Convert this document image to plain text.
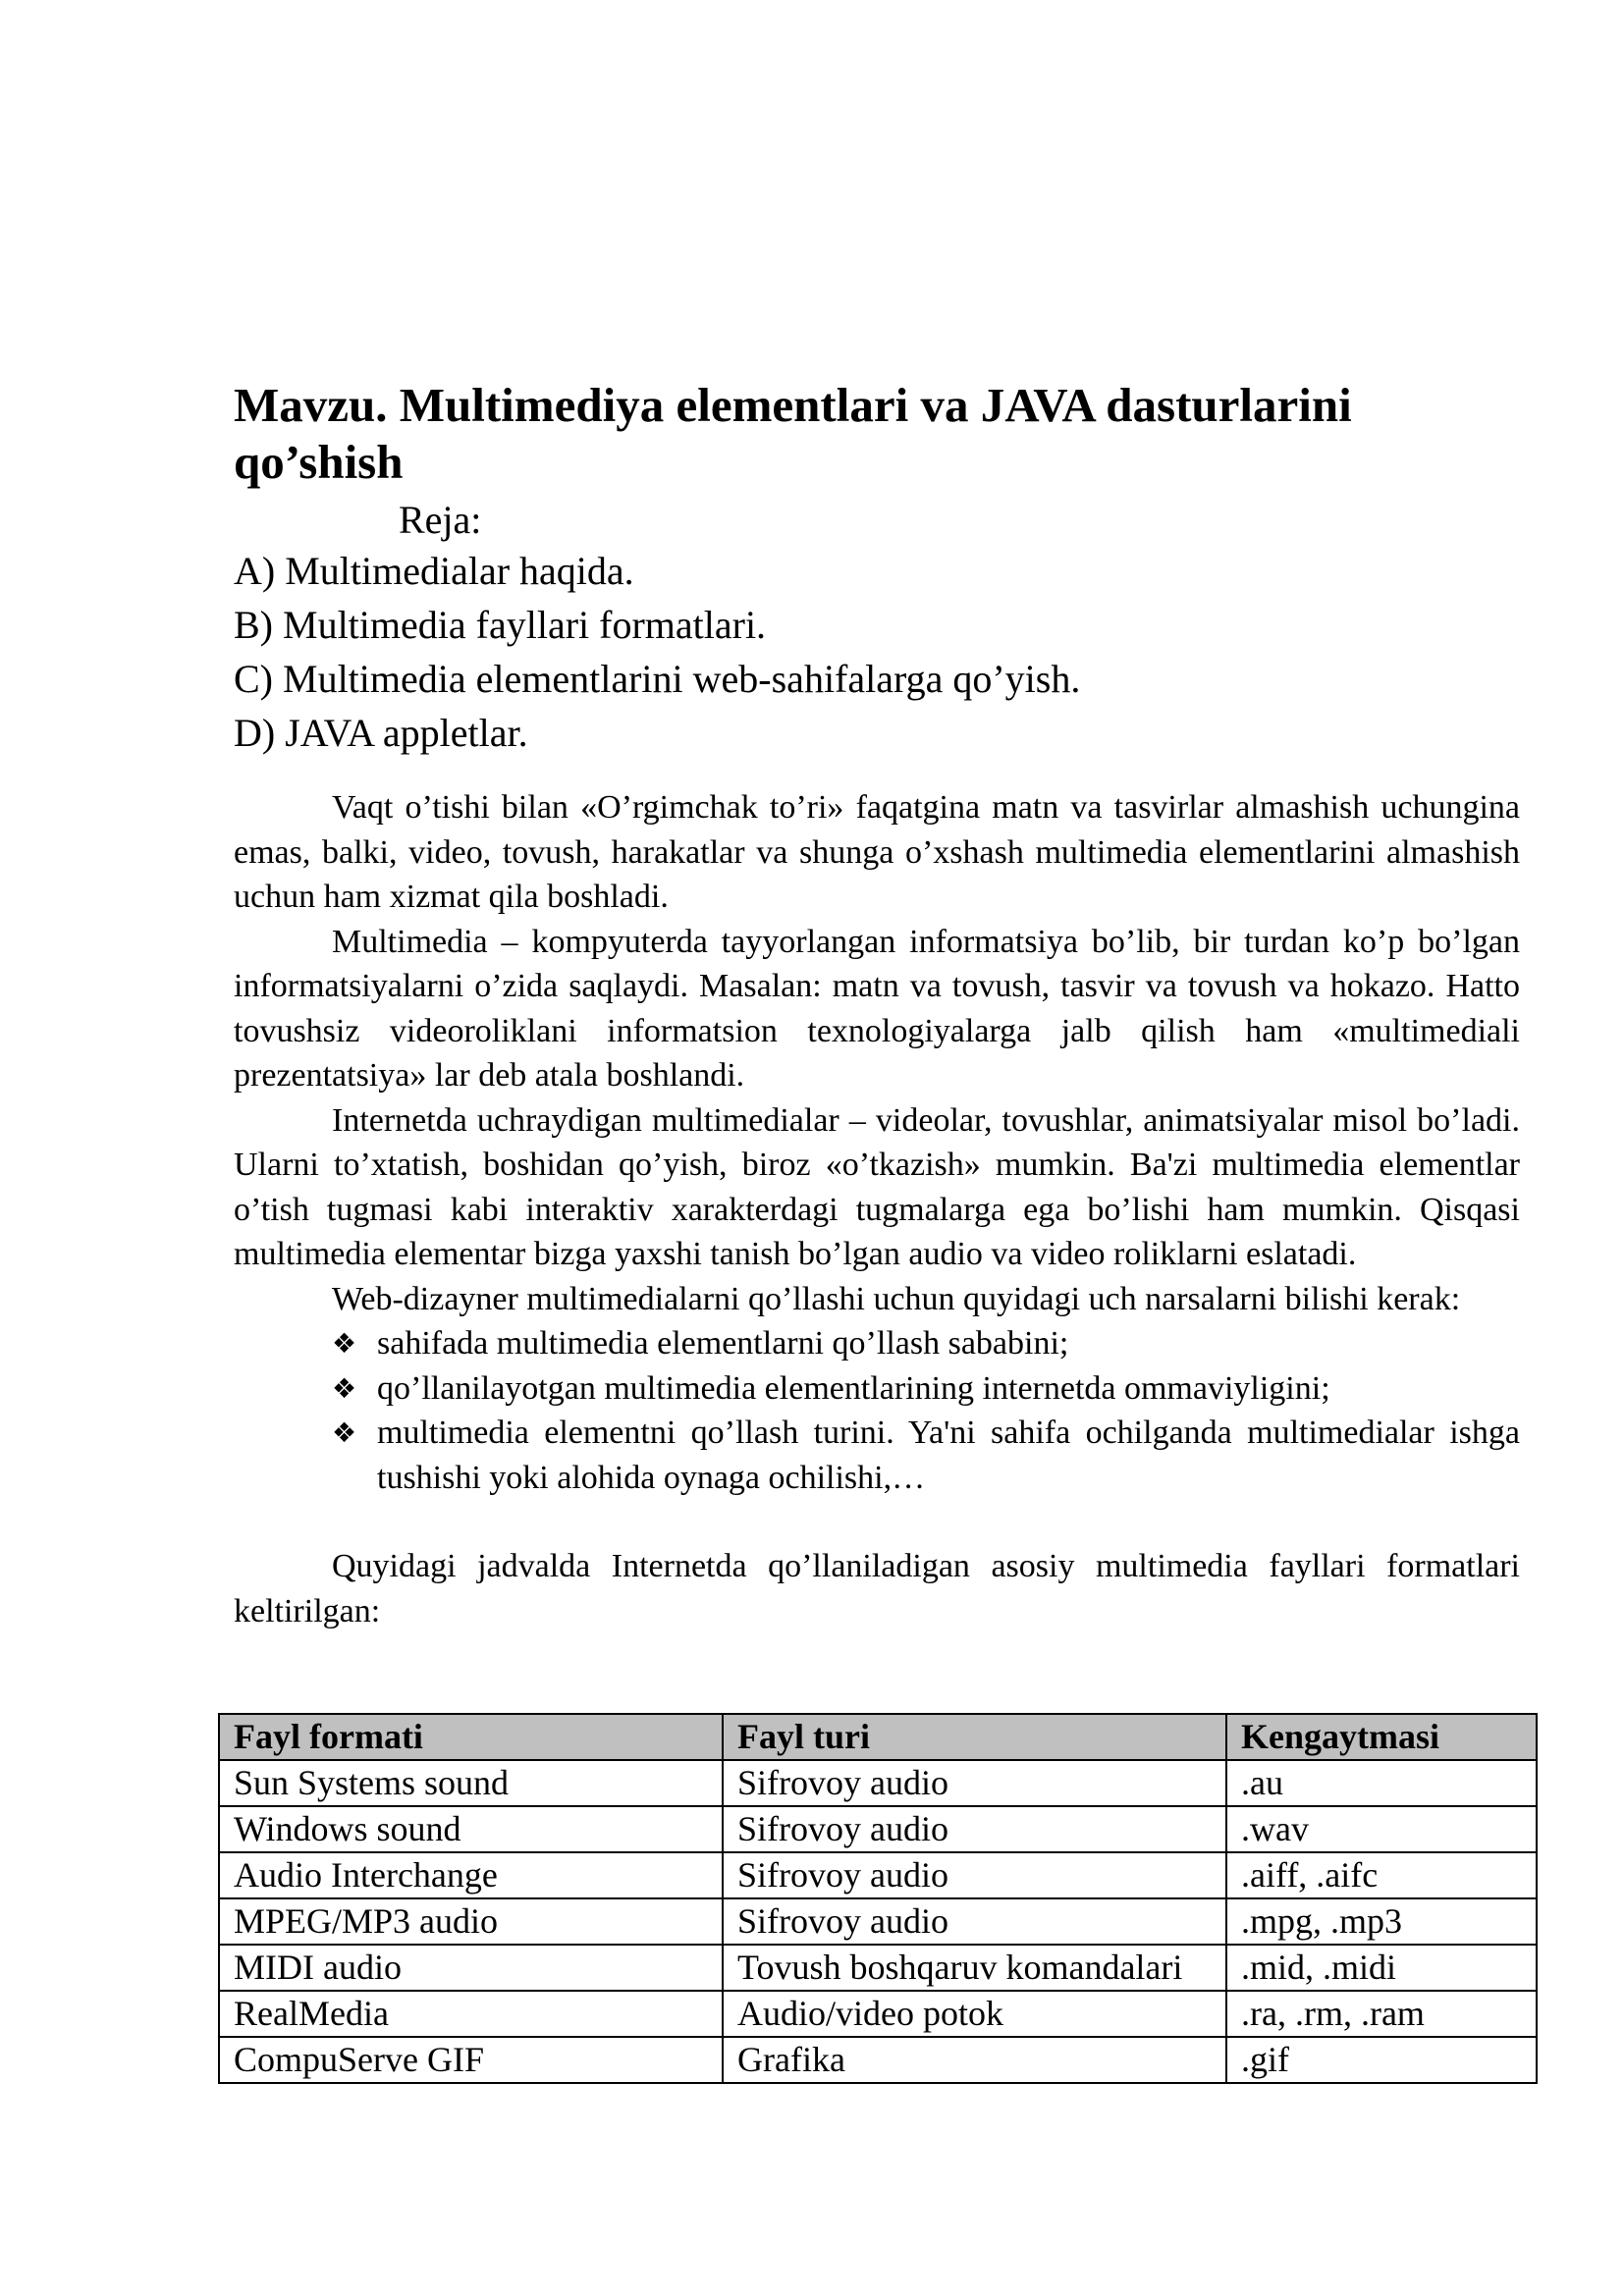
Mavzu. Multimediya elementlari va JAVA dasturlarini qo’shish

Reja:

A) Multimedialar haqida.
B) Multimedia fayllari formatlari.
C) Multimedia elementlarini web-sahifalarga qo’yish.
D) JAVA appletlar.

Vaqt o’tishi bilan «O’rgimchak to’ri» faqatgina matn va tasvirlar almashish uchungina emas, balki, video, tovush, harakatlar va shunga o’xshash multimedia elementlarini almashish uchun ham xizmat qila boshladi.

Multimedia – kompyuterda tayyorlangan informatsiya bo’lib, bir turdan ko’p bo’lgan informatsiyalarni o’zida saqlaydi. Masalan: matn va tovush, tasvir va tovush va hokazo. Hatto tovushsiz videoroliklani informatsion texnologiyalarga jalb qilish ham «multimediali prezentatsiya» lar deb atala boshlandi.

Internetda uchraydigan multimedialar – videolar, tovushlar, animatsiyalar misol bo’ladi. Ularni to’xtatish, boshidan qo’yish, biroz «o’tkazish» mumkin. Ba'zi multimedia elementlar o’tish tugmasi kabi interaktiv xarakterdagi tugmalarga ega bo’lishi ham mumkin. Qisqasi multimedia elementar bizga yaxshi tanish bo’lgan audio va video roliklarni eslatadi.

Web-dizayner multimedialarni qo’llashi uchun quyidagi uch narsalarni bilishi kerak:

❖ sahifada multimedia elementlarni qo’llash sababini;
❖ qo’llanilayotgan multimedia elementlarining internetda ommaviyligini;
❖ multimedia elementni qo’llash turini. Ya'ni sahifa ochilganda multimedialar ishga tushishi yoki alohida oynaga ochilishi,…

Quyidagi jadvalda Internetda qo’llaniladigan asosiy multimedia fayllari formatlari keltirilgan:

Fayl formati	Fayl turi	Kengaytmasi
Sun Systems sound	Sifrovoy audio	.au
Windows sound	Sifrovoy audio	.wav
Audio Interchange	Sifrovoy audio	.aiff, .aifc
MPEG/MP3 audio	Sifrovoy audio	.mpg, .mp3
MIDI audio	Tovush boshqaruv komandalari	.mid, .midi
RealMedia	Audio/video potok	.ra, .rm, .ram
CompuServe GIF	Grafika	.gif
